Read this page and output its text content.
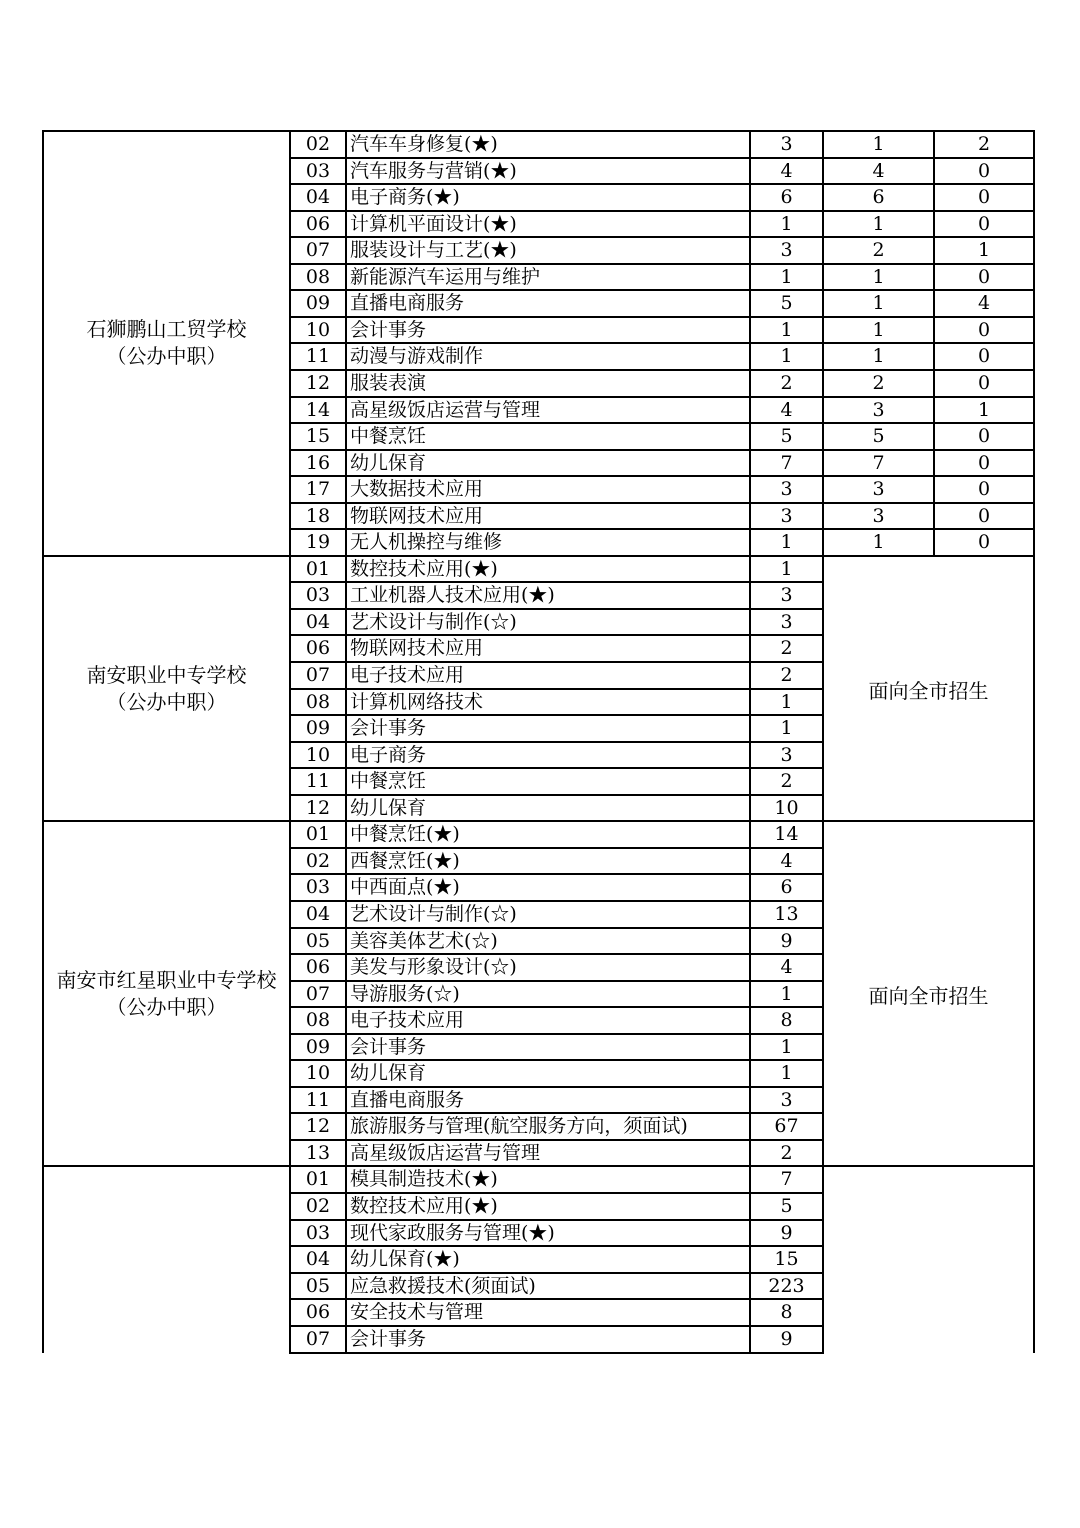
石狮鹏山工贸学校
（公办中职）
02	汽车车身修复(★)	3	1	2
03	汽车服务与营销(★)	4	4	0
04	电子商务(★)	6	6	0
06	计算机平面设计(★)	1	1	0
07	服装设计与工艺(★)	3	2	1
08	新能源汽车运用与维护	1	1	0
09	直播电商服务	5	1	4
10	会计事务	1	1	0
11	动漫与游戏制作	1	1	0
12	服装表演	2	2	0
14	高星级饭店运营与管理	4	3	1
15	中餐烹饪	5	5	0
16	幼儿保育	7	7	0
17	大数据技术应用	3	3	0
18	物联网技术应用	3	3	0
19	无人机操控与维修	1	1	0
南安职业中专学校
（公办中职）	面向全市招生
01	数控技术应用(★)	1
03	工业机器人技术应用(★)	3
04	艺术设计与制作(☆)	3
06	物联网技术应用	2
07	电子技术应用	2
08	计算机网络技术	1
09	会计事务	1
10	电子商务	3
11	中餐烹饪	2
12	幼儿保育	10
南安市红星职业中专学校
（公办中职）	面向全市招生
01	中餐烹饪(★)	14
02	西餐烹饪(★)	4
03	中西面点(★)	6
04	艺术设计与制作(☆)	13
05	美容美体艺术(☆)	9
06	美发与形象设计(☆)	4
07	导游服务(☆)	1
08	电子技术应用	8
09	会计事务	1
10	幼儿保育	1
11	直播电商服务	3
12	旅游服务与管理(航空服务方向，须面试)	67
13	高星级饭店运营与管理	2
01	模具制造技术(★)	7
02	数控技术应用(★)	5
03	现代家政服务与管理(★)	9
04	幼儿保育(★)	15
05	应急救援技术(须面试)	223
06	安全技术与管理	8
07	会计事务	9
